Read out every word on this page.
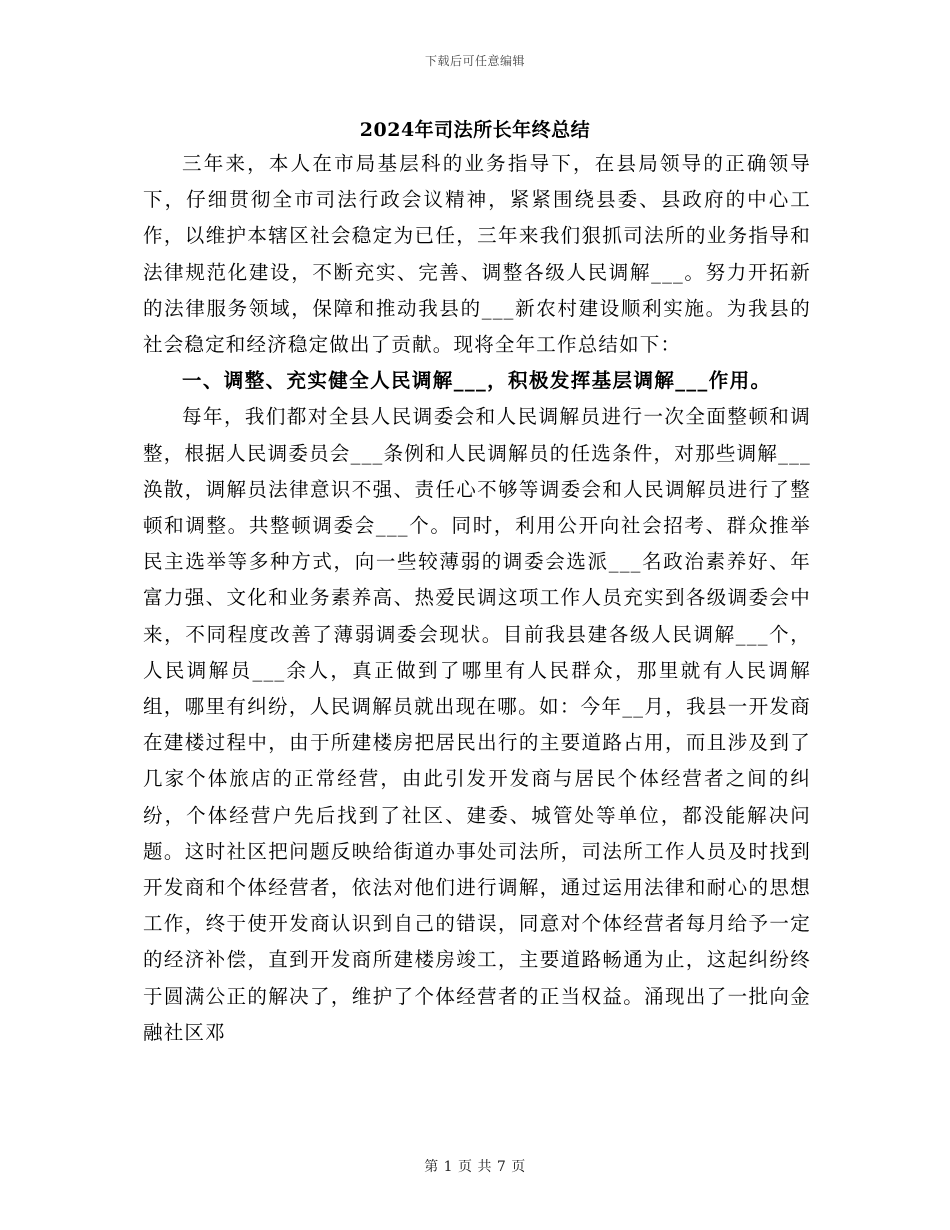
下载后可任意编辑
2024年司法所长年终总结

三年来，本人在市局基层科的业务指导下，在县局领导的正确领导下，仔细贯彻全市司法行政会议精神，紧紧围绕县委、县政府的中心工作，以维护本辖区社会稳定为已任，三年来我们狠抓司法所的业务指导和法律规范化建设，不断充实、完善、调整各级人民调解___。努力开拓新的法律服务领域，保障和推动我县的___新农村建设顺利实施。为我县的社会稳定和经济稳定做出了贡献。现将全年工作总结如下：

一、调整、充实健全人民调解___，积极发挥基层调解___作用。

每年，我们都对全县人民调委会和人民调解员进行一次全面整顿和调整，根据人民调委员会___条例和人民调解员的任选条件，对那些调解___涣散，调解员法律意识不强、责任心不够等调委会和人民调解员进行了整顿和调整。共整顿调委会___个。同时，利用公开向社会招考、群众推举民主选举等多种方式，向一些较薄弱的调委会选派___名政治素养好、年富力强、文化和业务素养高、热爱民调这项工作人员充实到各级调委会中来，不同程度改善了薄弱调委会现状。目前我县建各级人民调解___个，人民调解员___余人，真正做到了哪里有人民群众，那里就有人民调解组，哪里有纠纷，人民调解员就出现在哪。如：今年__月，我县一开发商在建楼过程中，由于所建楼房把居民出行的主要道路占用，而且涉及到了几家个体旅店的正常经营，由此引发开发商与居民个体经营者之间的纠纷，个体经营户先后找到了社区、建委、城管处等单位，都没能解决问题。这时社区把问题反映给街道办事处司法所，司法所工作人员及时找到开发商和个体经营者，依法对他们进行调解，通过运用法律和耐心的思想工作，终于使开发商认识到自己的错误，同意对个体经营者每月给予一定的经济补偿，直到开发商所建楼房竣工，主要道路畅通为止，这起纠纷终于圆满公正的解决了，维护了个体经营者的正当权益。涌现出了一批向金融社区邓

第 1 页 共 7 页
